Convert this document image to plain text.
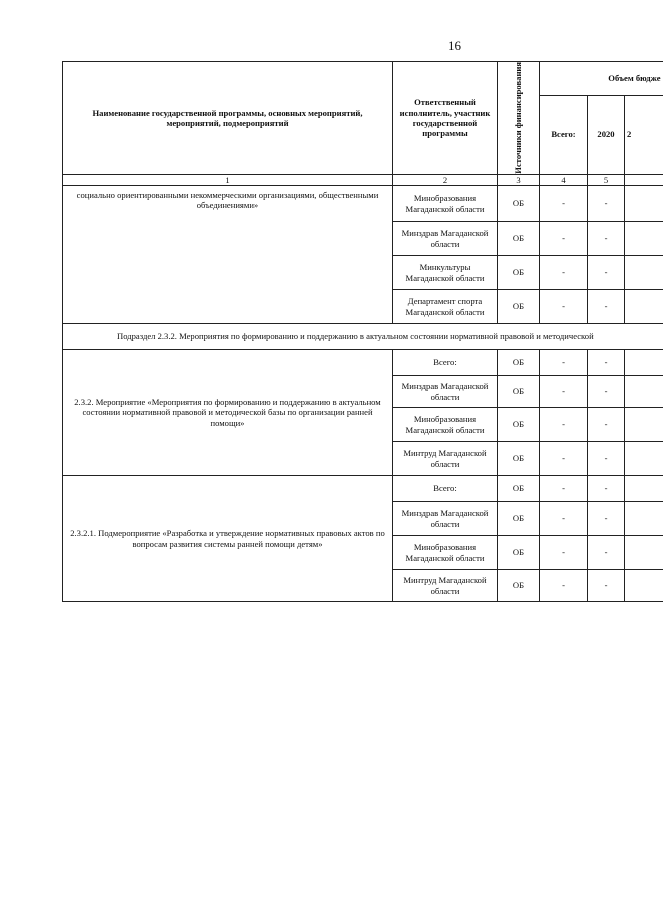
16
Наименование государственной программы, основных мероприятий, мероприятий, подмероприятий	Ответственный исполнитель, участник государственной программы	Источники финансирования	Объем бюдже		
			Всего:	2020	2
1	2	3	4	5	
социально ориентированными некоммерческими организациями, общественными объединениями»	Минобразования Магаданской области	ОБ	-	-	
	Минздрав Магаданской области	ОБ	-	-	
	Минкультуры Магаданской области	ОБ	-	-	
	Департамент спорта Магаданской области	ОБ	-	-	
Подраздел 2.3.2. Мероприятия по формированию и поддержанию в актуальном состоянии нормативной правовой и методической					
2.3.2. Мероприятие «Мероприятия по формированию и поддержанию в актуальном состоянии нормативной правовой и методической базы по организации ранней помощи»	Всего:	ОБ	-	-	
	Минздрав Магаданской области	ОБ	-	-	
	Минобразования Магаданской области	ОБ	-	-	
	Минтруд Магаданской области	ОБ	-	-	
2.3.2.1. Подмероприятие «Разработка и утверждение нормативных правовых актов по вопросам развития системы ранней помощи детям»	Всего:	ОБ	-	-	
	Минздрав Магаданской области	ОБ	-	-	
	Минобразования Магаданской области	ОБ	-	-	
	Минтруд Магаданской области	ОБ	-	-	
